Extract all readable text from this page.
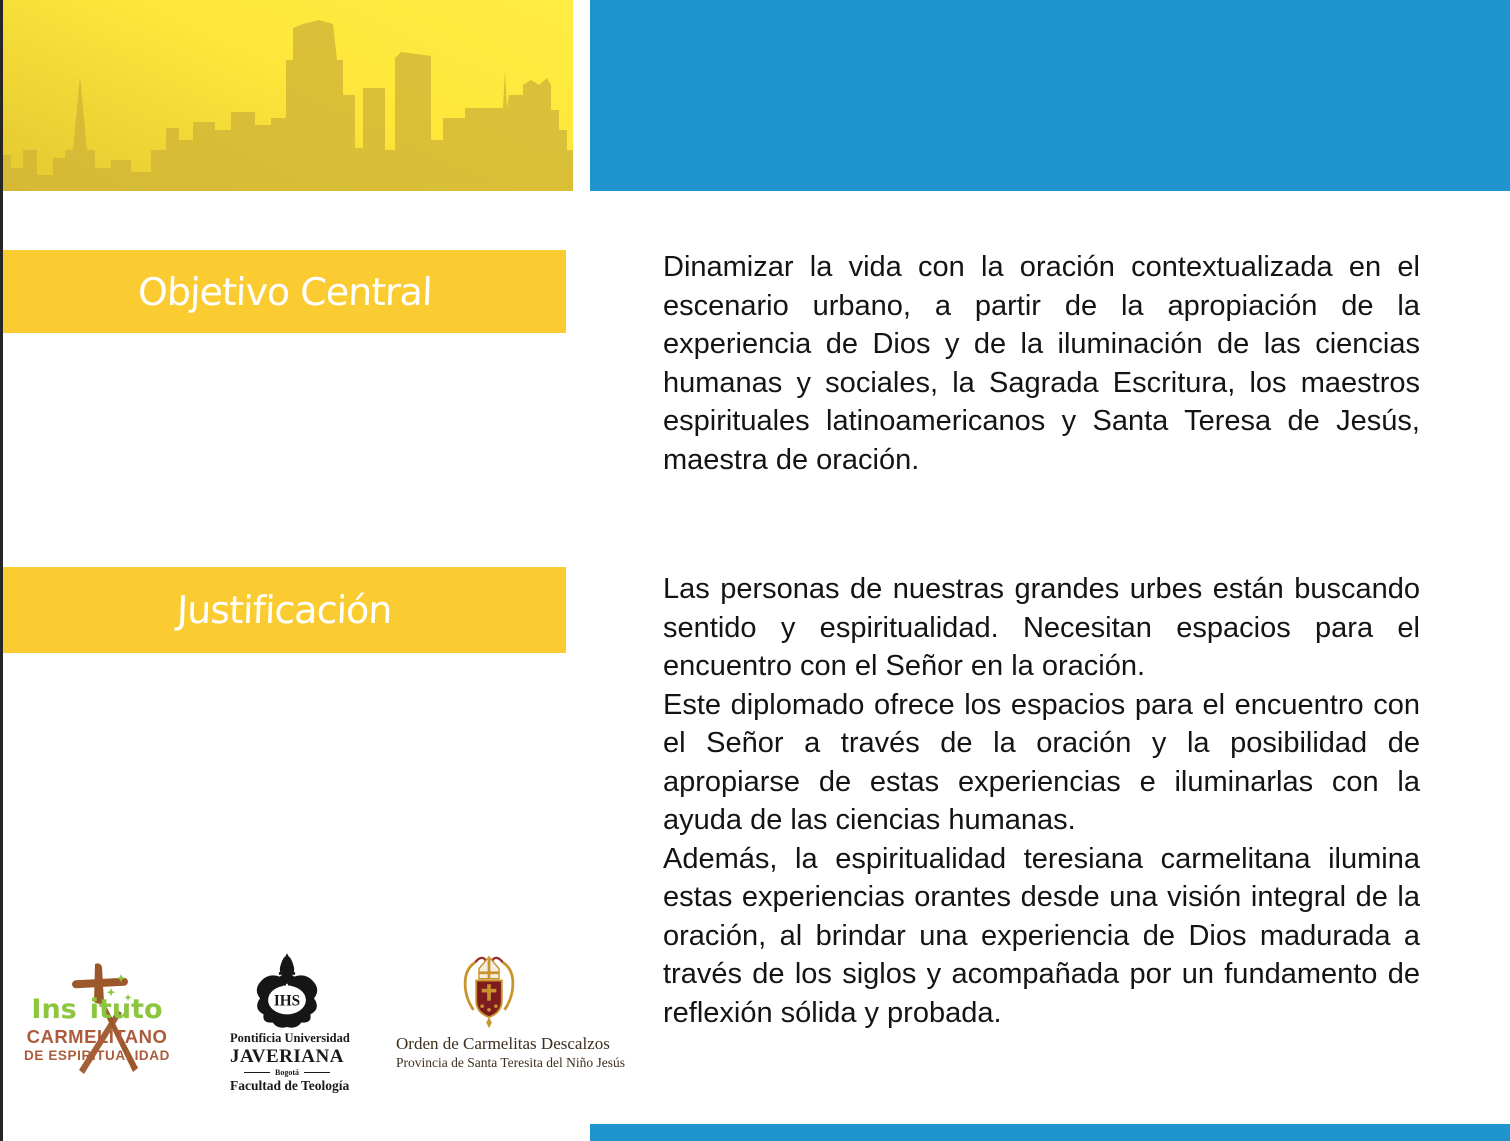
Objetivo Central
Justificación

Dinamizar la vida con la oración contextualizada en el escenario urbano, a partir de la apropiación de la experiencia de Dios y de la iluminación de las ciencias humanas y sociales, la Sagrada Escritura, los maestros espirituales latinoamericanos y Santa Teresa de Jesús, maestra de oración.

Las personas de nuestras grandes urbes están buscando sentido y espiritualidad. Necesitan espacios para el encuentro con el Señor en la oración.

Este diplomado ofrece los espacios para el encuentro con el Señor a través de la oración y la posibilidad de apropiarse de estas experiencias e iluminarlas con la ayuda de las ciencias humanas.

Además, la espiritualidad teresiana carmelitana ilumina estas experiencias orantes desde una visión integral de la oración, al brindar una experiencia de Dios madurada a través de los siglos y acompañada por un fundamento de reflexión sólida y probada.

Ins ituto
CARMELITANO
DE ESPIRITUALIDAD
IHS
Pontificia Universidad
JAVERIANA
Bogotá
Facultad de Teología
Orden de Carmelitas Descalzos
Provincia de Santa Teresita del Niño Jesús
